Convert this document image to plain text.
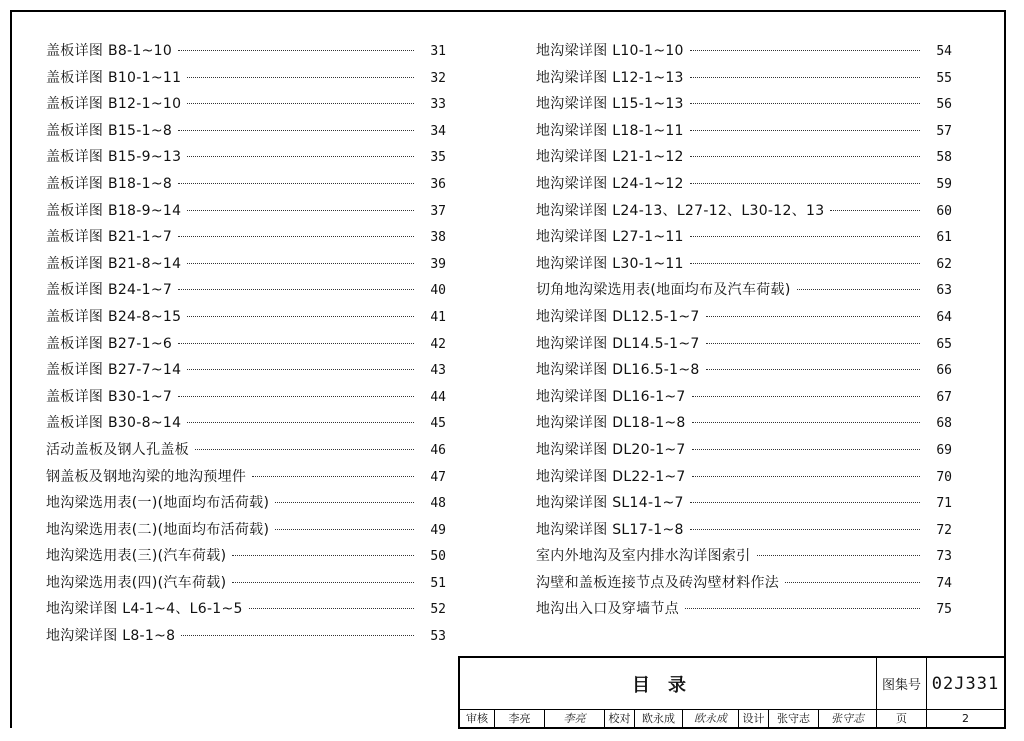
盖板详图 B8-1~10	31
盖板详图 B10-1~11	32
盖板详图 B12-1~10	33
盖板详图 B15-1~8	34
盖板详图 B15-9~13	35
盖板详图 B18-1~8	36
盖板详图 B18-9~14	37
盖板详图 B21-1~7	38
盖板详图 B21-8~14	39
盖板详图 B24-1~7	40
盖板详图 B24-8~15	41
盖板详图 B27-1~6	42
盖板详图 B27-7~14	43
盖板详图 B30-1~7	44
盖板详图 B30-8~14	45
活动盖板及钢人孔盖板	46
钢盖板及钢地沟梁的地沟预埋件	47
地沟梁选用表(一)(地面均布活荷载)	48
地沟梁选用表(二)(地面均布活荷载)	49
地沟梁选用表(三)(汽车荷载)	50
地沟梁选用表(四)(汽车荷载)	51
地沟梁详图 L4-1~4、L6-1~5	52
地沟梁详图 L8-1~8	53
地沟梁详图 L10-1~10	54
地沟梁详图 L12-1~13	55
地沟梁详图 L15-1~13	56
地沟梁详图 L18-1~11	57
地沟梁详图 L21-1~12	58
地沟梁详图 L24-1~12	59
地沟梁详图 L24-13、L27-12、L30-12、13	60
地沟梁详图 L27-1~11	61
地沟梁详图 L30-1~11	62
切角地沟梁选用表(地面均布及汽车荷载)	63
地沟梁详图 DL12.5-1~7	64
地沟梁详图 DL14.5-1~7	65
地沟梁详图 DL16.5-1~8	66
地沟梁详图 DL16-1~7	67
地沟梁详图 DL18-1~8	68
地沟梁详图 DL20-1~7	69
地沟梁详图 DL22-1~7	70
地沟梁详图 SL14-1~7	71
地沟梁详图 SL17-1~8	72
室内外地沟及室内排水沟详图索引	73
沟壁和盖板连接节点及砖沟壁材料作法	74
地沟出入口及穿墙节点	75
目录	图集号 02J331
审核	李亮	李亮	校对	欧永成	欧永成	设计	张守志	张守志	页	2
